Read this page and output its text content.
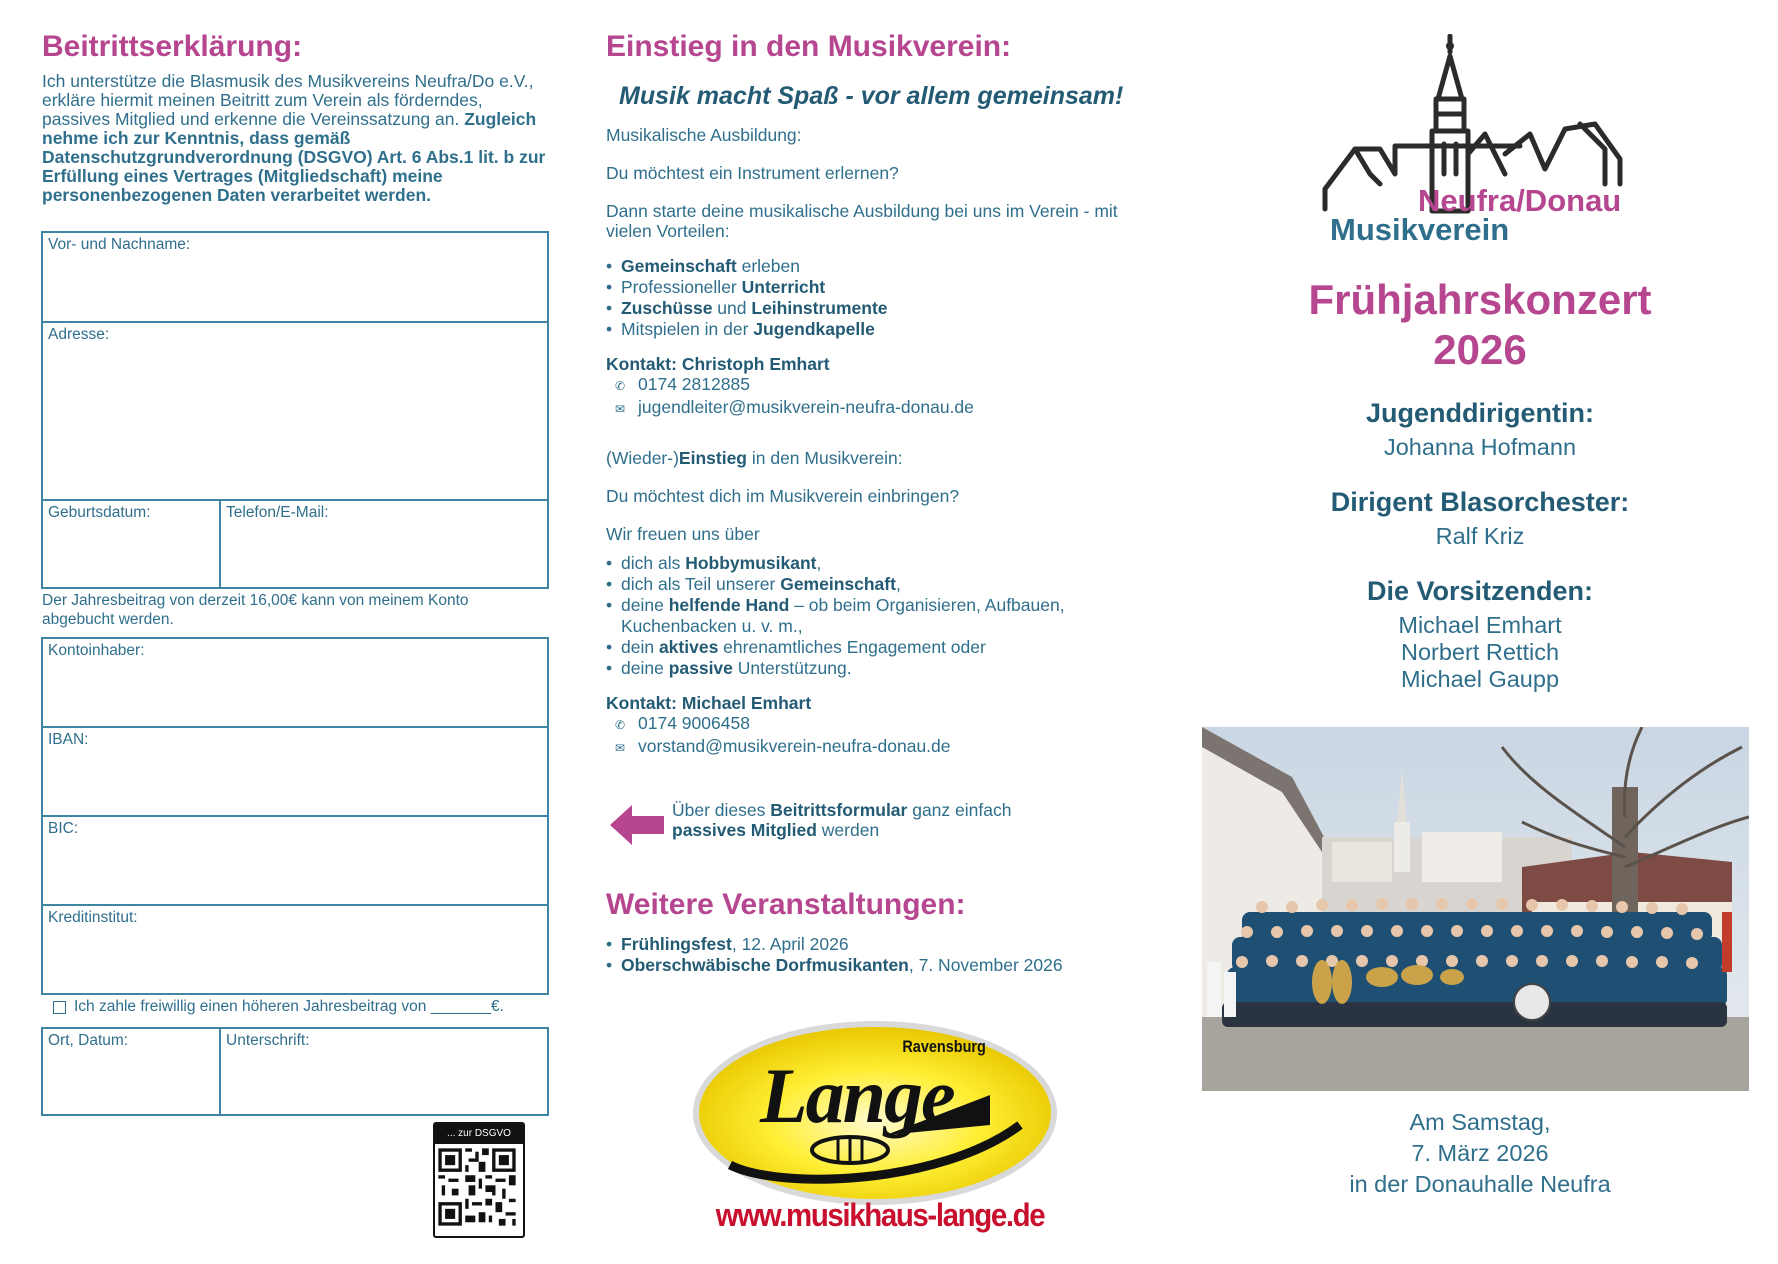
Beitrittserklärung:
Ich unterstütze die Blasmusik des Musikvereins Neufra/Do e.V., erkläre hiermit meinen Beitritt zum Verein als förderndes, passives Mitglied und erkenne die Vereinssatzung an. Zugleich nehme ich zur Kenntnis, dass gemäß Datenschutzgrundverordnung (DSGVO) Art. 6 Abs.1 lit. b zur Erfüllung eines Vertrages (Mitgliedschaft) meine personenbezogenen Daten verarbeitet werden.
Vor- und Nachname:
Adresse:
Geburtsdatum:	Telefon/E-Mail:
Der Jahresbeitrag von derzeit 16,00€ kann von meinem Konto abgebucht werden.
Kontoinhaber:
IBAN:
BIC:
Kreditinstitut:
Ich zahle freiwillig einen höheren Jahresbeitrag von _______€.
Ort, Datum:	Unterschrift:
... zur DSGVO
Einstieg in den Musikverein:
Musik macht Spaß - vor allem gemeinsam!
Musikalische Ausbildung:
Du möchtest ein Instrument erlernen?
Dann starte deine musikalische Ausbildung bei uns im Verein - mit vielen Vorteilen:
• Gemeinschaft erleben
• Professioneller Unterricht
• Zuschüsse und Leihinstrumente
• Mitspielen in der Jugendkapelle
Kontakt: Christoph Emhart
✆ 0174 2812885
✉ jugendleiter@musikverein-neufra-donau.de
(Wieder-)Einstieg in den Musikverein:
Du möchtest dich im Musikverein einbringen?
Wir freuen uns über
• dich als Hobbymusikant,
• dich als Teil unserer Gemeinschaft,
• deine helfende Hand – ob beim Organisieren, Aufbauen, Kuchenbacken u. v. m.,
• dein aktives ehrenamtliches Engagement oder
• deine passive Unterstützung.
Kontakt: Michael Emhart
✆ 0174 9006458
✉ vorstand@musikverein-neufra-donau.de
Über dieses Beitrittsformular ganz einfach
passives Mitglied werden
Weitere Veranstaltungen:
• Frühlingsfest, 12. April 2026
• Oberschwäbische Dorfmusikanten, 7. November 2026
Ravensburg
Lange
www.musikhaus-lange.de
Neufra/Donau
Musikverein
Frühjahrskonzert
2026
Jugenddirigentin:
Johanna Hofmann
Dirigent Blasorchester:
Ralf Kriz
Die Vorsitzenden:
Michael Emhart
Norbert Rettich
Michael Gaupp
Am Samstag,
7. März 2026
in der Donauhalle Neufra
